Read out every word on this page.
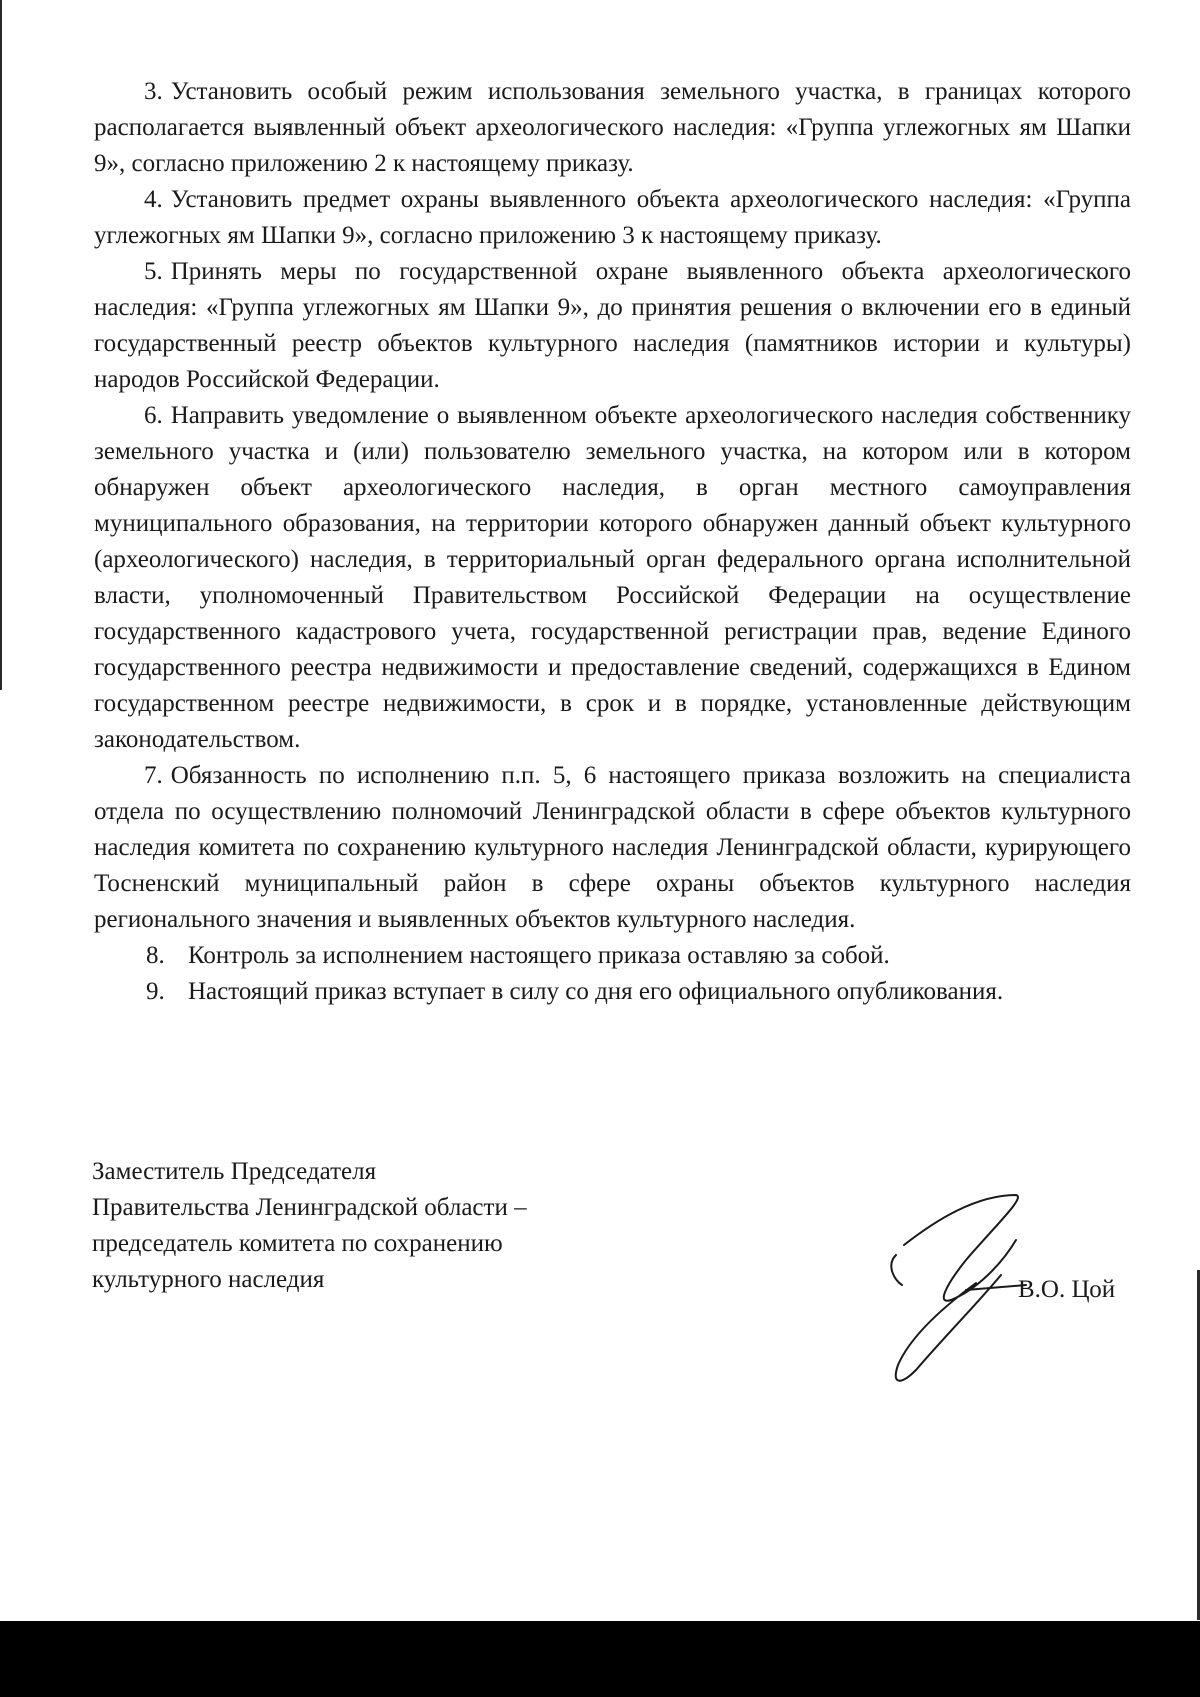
3. Установить особый режим использования земельного участка, в границах которого располагается выявленный объект археологического наследия: «Группа углежогных ям Шапки 9», согласно приложению 2 к настоящему приказу.

4. Установить предмет охраны выявленного объекта археологического наследия: «Группа углежогных ям Шапки 9», согласно приложению 3 к настоящему приказу.

5. Принять меры по государственной охране выявленного объекта археологического наследия: «Группа углежогных ям Шапки 9», до принятия решения о включении его в единый государственный реестр объектов культурного наследия (памятников истории и культуры) народов Российской Федерации.

6. Направить уведомление о выявленном объекте археологического наследия собственнику земельного участка и (или) пользователю земельного участка, на котором или в котором обнаружен объект археологического наследия, в орган местного самоуправления муниципального образования, на территории которого обнаружен данный объект культурного (археологического) наследия, в территориальный орган федерального органа исполнительной власти, уполномоченный Правительством Российской Федерации на осуществление государственного кадастрового учета, государственной регистрации прав, ведение Единого государственного реестра недвижимости и предоставление сведений, содержащихся в Едином государственном реестре недвижимости, в срок и в порядке, установленные действующим законодательством.

7. Обязанность по исполнению п.п. 5, 6 настоящего приказа возложить на специалиста отдела по осуществлению полномочий Ленинградской области в сфере объектов культурного наследия комитета по сохранению культурного наследия Ленинградской области, курирующего Тосненский муниципальный район в сфере охраны объектов культурного наследия регионального значения и выявленных объектов культурного наследия.

8. Контроль за исполнением настоящего приказа оставляю за собой.

9. Настоящий приказ вступает в силу со дня его официального опубликования.

Заместитель Председателя

Правительства Ленинградской области –

председатель комитета по сохранению

культурного наследия	В.О. Цой
